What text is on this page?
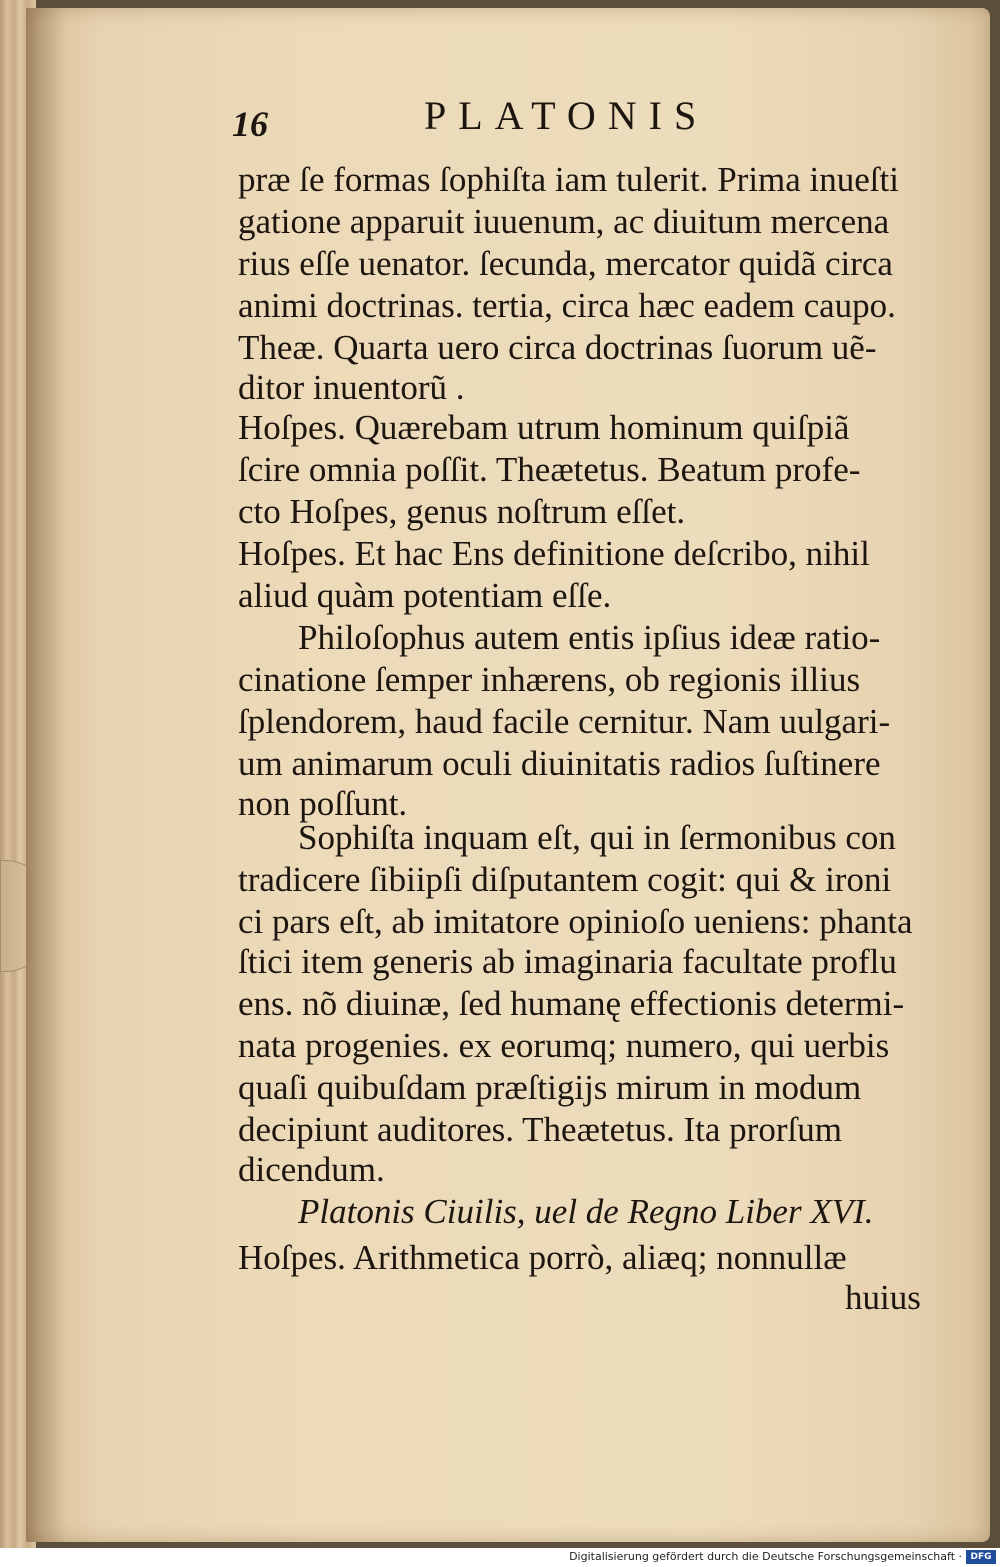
16	PLATONIS
præ ſe formas ſophiſta iam tulerit. Prima inueſti
gatione apparuit iuuenum, ac diuitum mercena
rius eſſe uenator. ſecunda, mercator quidã circa
animi doctrinas. tertia, circa hæc eadem caupo.
Theæ. Quarta uero circa doctrinas ſuorum uẽ-
ditor inuentorũ .
Hoſpes. Quærebam utrum hominum quiſpiã
ſcire omnia poſſit. Theætetus. Beatum profe-
cto Hoſpes, genus noſtrum eſſet.
Hoſpes. Et hac Ens definitione deſcribo, nihil
aliud quàm potentiam eſſe.
Philoſophus autem entis ipſius ideæ ratio-
cinatione ſemper inhærens, ob regionis illius
ſplendorem, haud facile cernitur. Nam uulgari-
um animarum oculi diuinitatis radios ſuſtinere
non poſſunt.
Sophiſta inquam eſt, qui in ſermonibus con
tradicere ſibiipſi diſputantem cogit: qui & ironi
ci pars eſt, ab imitatore opinioſo ueniens: phanta
ſtici item generis ab imaginaria facultate proflu
ens. nõ diuinæ, ſed humanę effectionis determi-
nata progenies. ex eorumq; numero, qui uerbis
quaſi quibuſdam præſtigijs mirum in modum
decipiunt auditores. Theætetus. Ita prorſum
dicendum.
Platonis Ciuilis, uel de Regno Liber XVI.
Hoſpes. Arithmetica porrò, aliæq; nonnullæ
huius
Digitalisierung gefördert durch die Deutsche Forschungsgemeinschaft · DFG
